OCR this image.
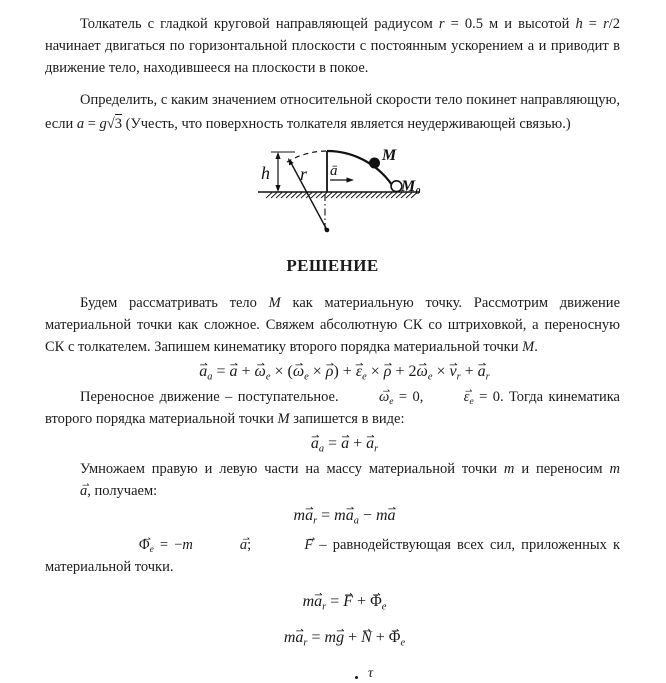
Толкатель с гладкой круговой направляющей радиусом r = 0.5 м и высотой h = r/2 начинает двигаться по горизонтальной плоскости с постоянным ускорением а и приводит в движение тело, находившееся на плоскости в покое.

Определить, с каким значением относительной скорости тело покинет направляющую, если a = g√3 (Учесть, что поверхность толкателя является неудерживающей связью.)

h r ā
M
M₀

РЕШЕНИЕ

Будем рассматривать тело M как материальную точку. Рассмотрим движение материальной точки как сложное. Свяжем абсолютную СК со штриховкой, а переносную СК с толкателем. Запишем кинематику второго порядка материальной точки M.

a $⇀_a = a$ ⇀ + ω $⇀_e \times (\omega$ $⇀_e \times \rho$ ⇀) + ε $⇀_e \times \rho$ ⇀ + 2ω $⇀_e \times v$ $⇀_r + a$ $⇀_r$

Переносное движение – поступательное. ω $⇀_e = 0$, ε $⇀_e = 0$. Тогда кинематика второго порядка материальной точки M запишется в виде:

a $⇀_a = a$ ⇀ + a $⇀_r$

Умножаем правую и левую части на массу материальной точки m и переносим ma ⇀, получаем:

ma $⇀_r$ = ma $⇀_a$ − ma ⇀

Φ $⇀_e = -m$	a ⇀;	F ⇀ – равнодействующая всех сил, приложенных к материальной точки.

ma $⇀_r = F$ ⇀ + Φ $⇀_e$

ma $⇀_r$ = mg ⇀ + N ⇀ + Φ $⇀_e$

τ
